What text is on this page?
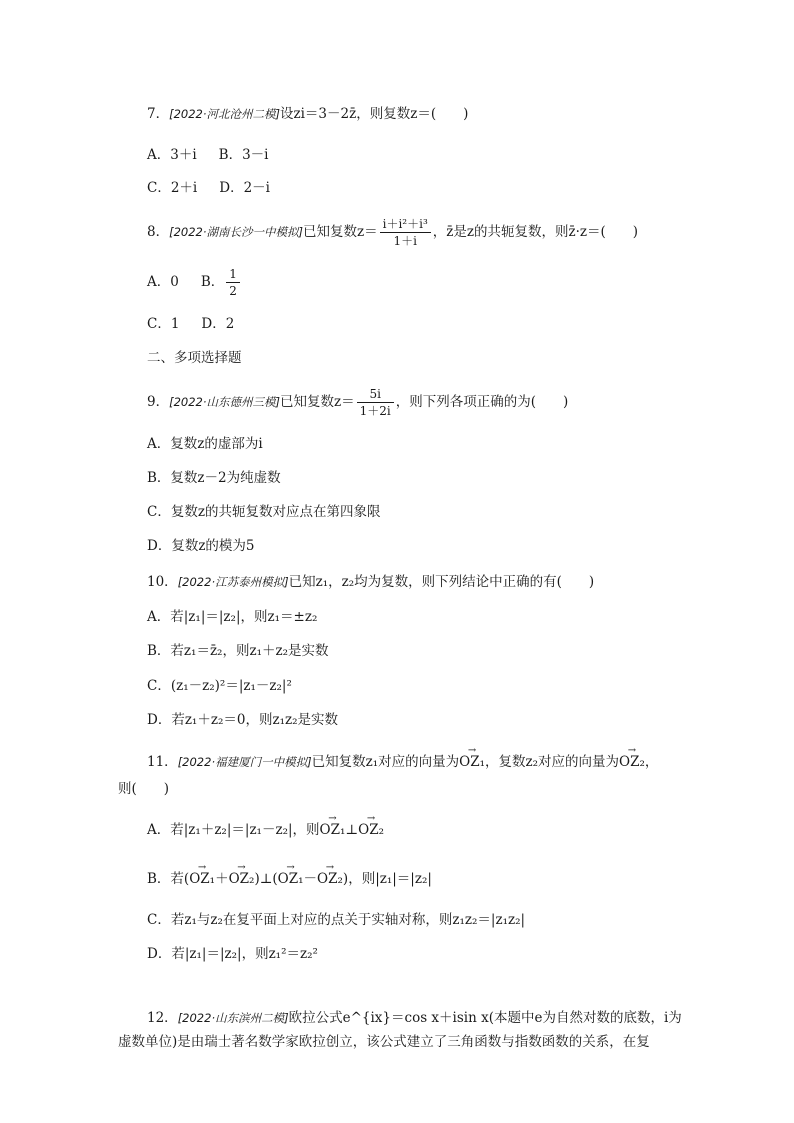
7．[2022·河北沧州二模]设zi＝3－2z̄，则复数z＝(　　)
A．3＋i B．3－i
C．2＋i D．2－i
8．[2022·湖南长沙一中模拟]已知复数$z= \frac{\text{i＋i²＋i³}}{1+i}$ ，z̄是z的共轭复数，则z̄·z＝(　　)
A．0 B． $\frac{1}{2}$
C．1 D．2
二、多项选择题
9．[2022·山东德州三模]已知复数$z= \frac{5i}{1+2i}$ ，则下列各项正确的为(　　)
A．复数z的虚部为i
B．复数z－2为纯虚数
C．复数z的共轭复数对应点在第四象限
D．复数z的模为5
10．[2022·江苏泰州模拟]已知z₁，z₂均为复数，则下列结论中正确的有(　　)
A．若|z₁|＝|z₂|，则z₁＝±z₂
B．若z₁＝z̄₂，则z₁＋z₂是实数
C．(z₁－z₂)²＝|z₁－z₂|²
D．若z₁＋z₂＝0，则z₁z₂是实数
11．[2022·福建厦门一中模拟]已知复数z₁对应的向量为→ OZ₁，复数z₂对应的向量为→ OZ₂，
则(　　)
A．若|z₁＋z₂|＝|z₁－z₂|，则→ OZ₁⊥→ OZ₂
B．若(→ OZ₁＋→ OZ₂)⊥(→ OZ₁－→ OZ₂)，则|z₁|＝|z₂|
C．若z₁与z₂在复平面上对应的点关于实轴对称，则z₁z₂＝|z₁z₂|
D．若|z₁|＝|z₂|，则z₁²＝z₂²
12．[2022·山东滨州二模]欧拉公式e^{ix}＝cos x＋isin x(本题中e为自然对数的底数，i为
虚数单位)是由瑞士著名数学家欧拉创立，该公式建立了三角函数与指数函数的关系，在复
